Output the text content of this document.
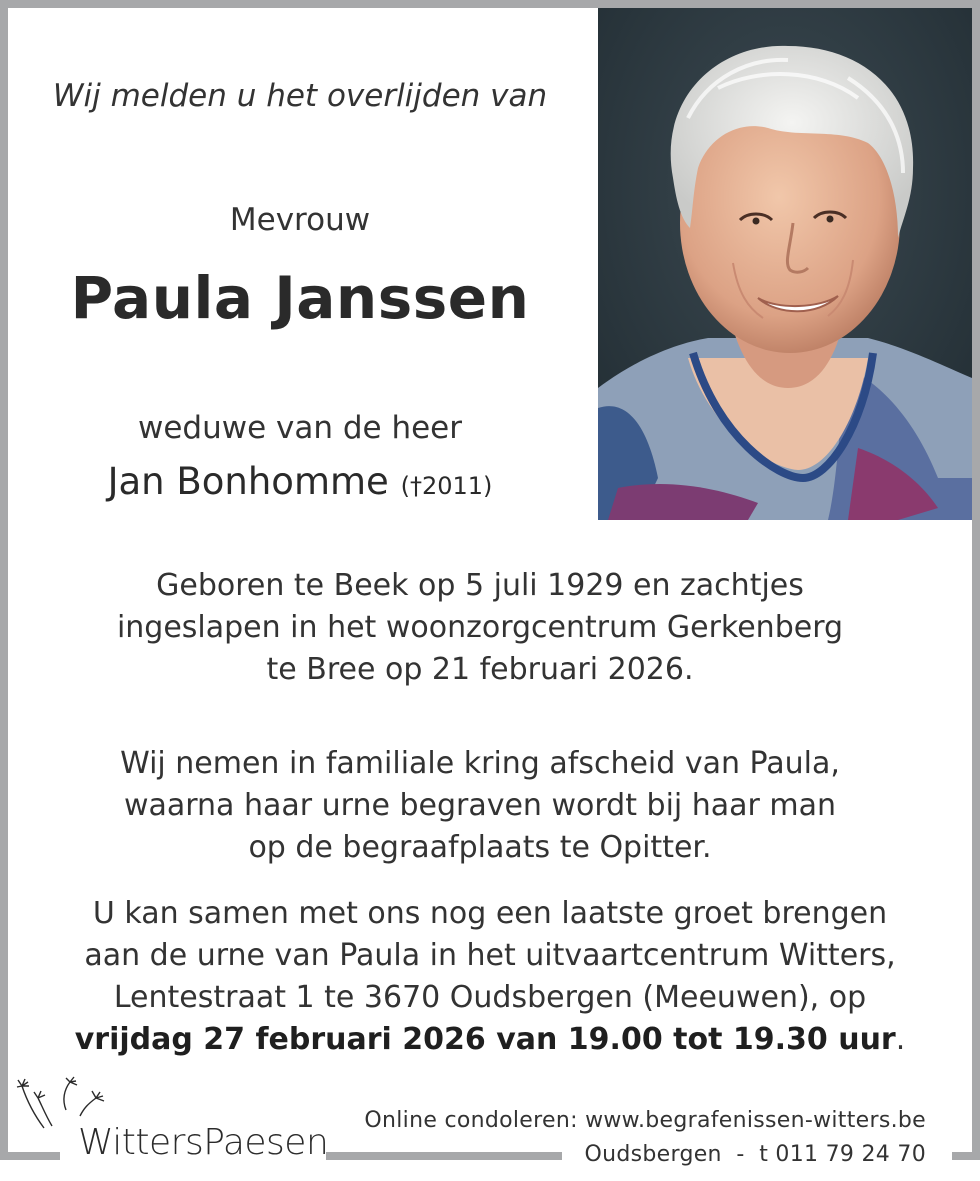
Wij melden u het overlijden van
Mevrouw
Paula Janssen
weduwe van de heer
Jan Bonhomme (†2011)
Geboren te Beek op 5 juli 1929 en zachtjes
ingeslapen in het woonzorgcentrum Gerkenberg
te Bree op 21 februari 2026.
Wij nemen in familiale kring afscheid van Paula,
waarna haar urne begraven wordt bij haar man
op de begraafplaats te Opitter.
U kan samen met ons nog een laatste groet brengen
aan de urne van Paula in het uitvaartcentrum Witters,
Lentestraat 1 te 3670 Oudsbergen (Meeuwen), op
vrijdag 27 februari 2026 van 19.00 tot 19.30 uur.
WittersPaesen
Online condoleren: www.begrafenissen-witters.be
Oudsbergen  -  t 011 79 24 70
